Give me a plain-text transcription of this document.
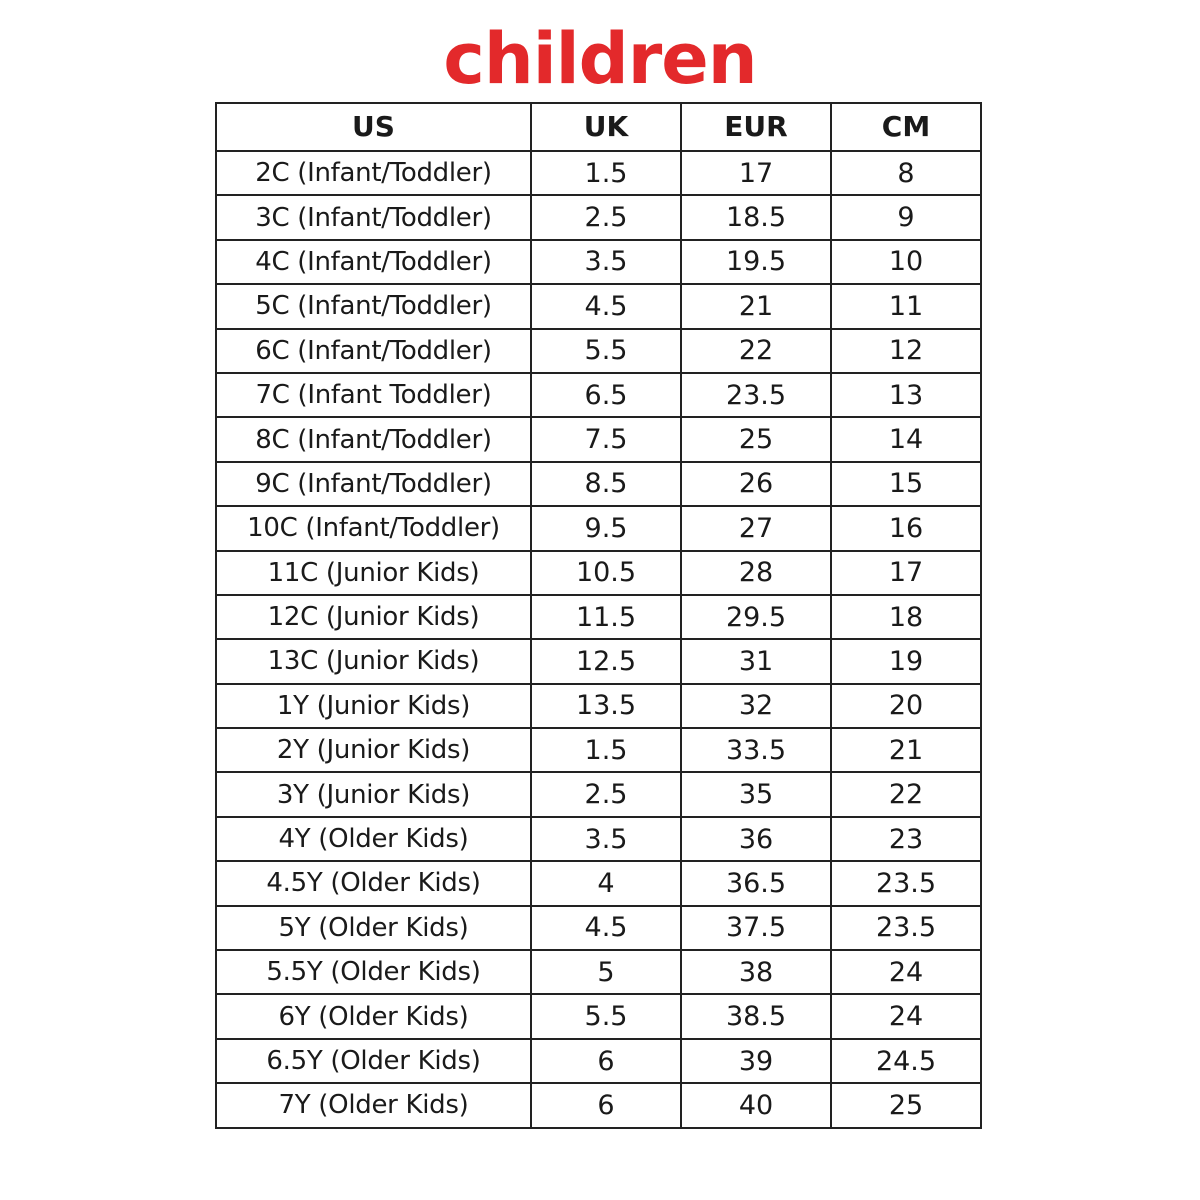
children
US	UK	EUR	CM
2C (Infant/Toddler)	1.5	17	8
3C (Infant/Toddler)	2.5	18.5	9
4C (Infant/Toddler)	3.5	19.5	10
5C (Infant/Toddler)	4.5	21	11
6C (Infant/Toddler)	5.5	22	12
7C (Infant Toddler)	6.5	23.5	13
8C (Infant/Toddler)	7.5	25	14
9C (Infant/Toddler)	8.5	26	15
10C (Infant/Toddler)	9.5	27	16
11C (Junior Kids)	10.5	28	17
12C (Junior Kids)	11.5	29.5	18
13C (Junior Kids)	12.5	31	19
1Y (Junior Kids)	13.5	32	20
2Y (Junior Kids)	1.5	33.5	21
3Y (Junior Kids)	2.5	35	22
4Y (Older Kids)	3.5	36	23
4.5Y (Older Kids)	4	36.5	23.5
5Y (Older Kids)	4.5	37.5	23.5
5.5Y (Older Kids)	5	38	24
6Y (Older Kids)	5.5	38.5	24
6.5Y (Older Kids)	6	39	24.5
7Y (Older Kids)	6	40	25
